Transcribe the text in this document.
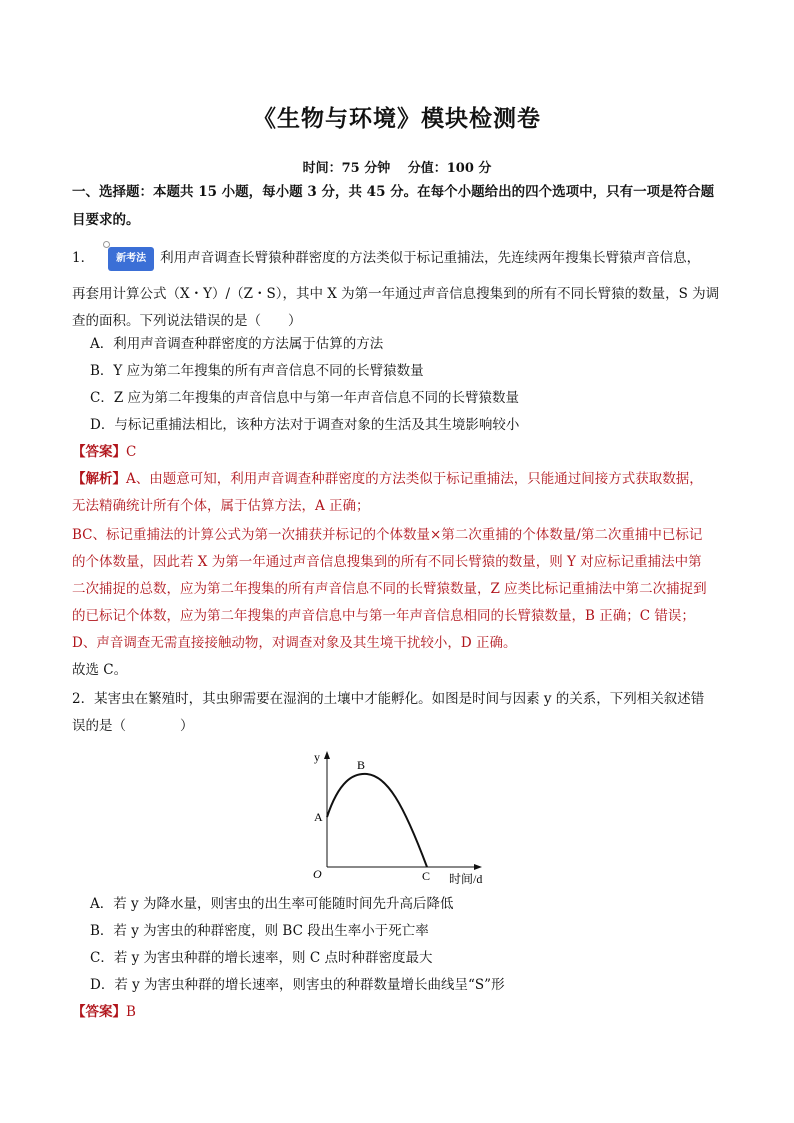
《生物与环境》模块检测卷
时间：75 分钟　 分值：100 分
一、选择题：本题共 15 小题，每小题 3 分，共 45 分。在每个小题给出的四个选项中，只有一项是符合题
目要求的。
1． 新考法 利用声音调查长臂猿种群密度的方法类似于标记重捕法，先连续两年搜集长臂猿声音信息，
再套用计算公式（X・Y）/（Z・S），其中 X 为第一年通过声音信息搜集到的所有不同长臂猿的数量，S 为调
查的面积。下列说法错误的是（　　）
A．利用声音调查种群密度的方法属于估算的方法
B．Y 应为第二年搜集的所有声音信息不同的长臂猿数量
C．Z 应为第二年搜集的声音信息中与第一年声音信息不同的长臂猿数量
D．与标记重捕法相比，该种方法对于调查对象的生活及其生境影响较小
【答案】C
【解析】A、由题意可知，利用声音调查种群密度的方法类似于标记重捕法，只能通过间接方式获取数据，
无法精确统计所有个体，属于估算方法，A 正确；
BC、标记重捕法的计算公式为第一次捕获并标记的个体数量×第二次重捕的个体数量/第二次重捕中已标记
的个体数量，因此若 X 为第一年通过声音信息搜集到的所有不同长臂猿的数量，则 Y 对应标记重捕法中第
二次捕捉的总数，应为第二年搜集的所有声音信息不同的长臂猿数量，Z 应类比标记重捕法中第二次捕捉到
的已标记个体数，应为第二年搜集的声音信息中与第一年声音信息相同的长臂猿数量，B 正确；C 错误；
D、声音调查无需直接接触动物，对调查对象及其生境干扰较小，D 正确。
故选 C。
2．某害虫在繁殖时，其虫卵需要在湿润的土壤中才能孵化。如图是时间与因素 y 的关系，下列相关叙述错
误的是（　　　　）
y
时间/d
O
A
B
C
A．若 y 为降水量，则害虫的出生率可能随时间先升高后降低
B．若 y 为害虫的种群密度，则 BC 段出生率小于死亡率
C．若 y 为害虫种群的增长速率，则 C 点时种群密度最大
D．若 y 为害虫种群的增长速率，则害虫的种群数量增长曲线呈“S”形
【答案】B
